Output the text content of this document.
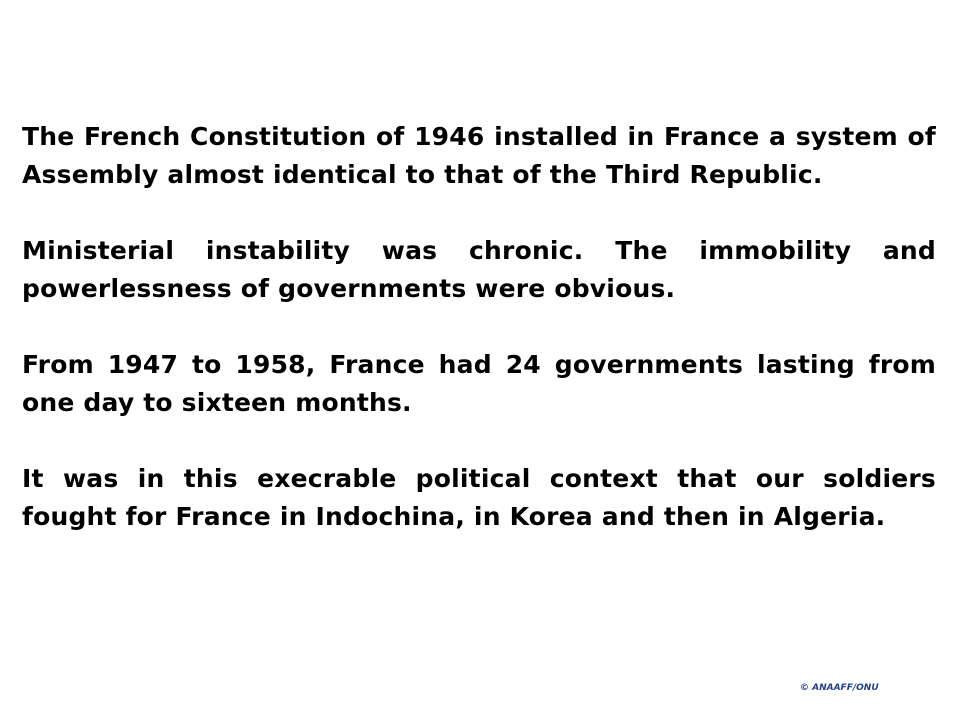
The French Constitution of 1946 installed in France a system of Assembly almost identical to that of the Third Republic.

Ministerial instability was chronic. The immobility and powerlessness of governments were obvious.

From 1947 to 1958, France had 24 governments lasting from one day to sixteen months.

It was in this execrable political context that our soldiers fought for France in Indochina, in Korea and then in Algeria.

© ANAAFF/ONU
